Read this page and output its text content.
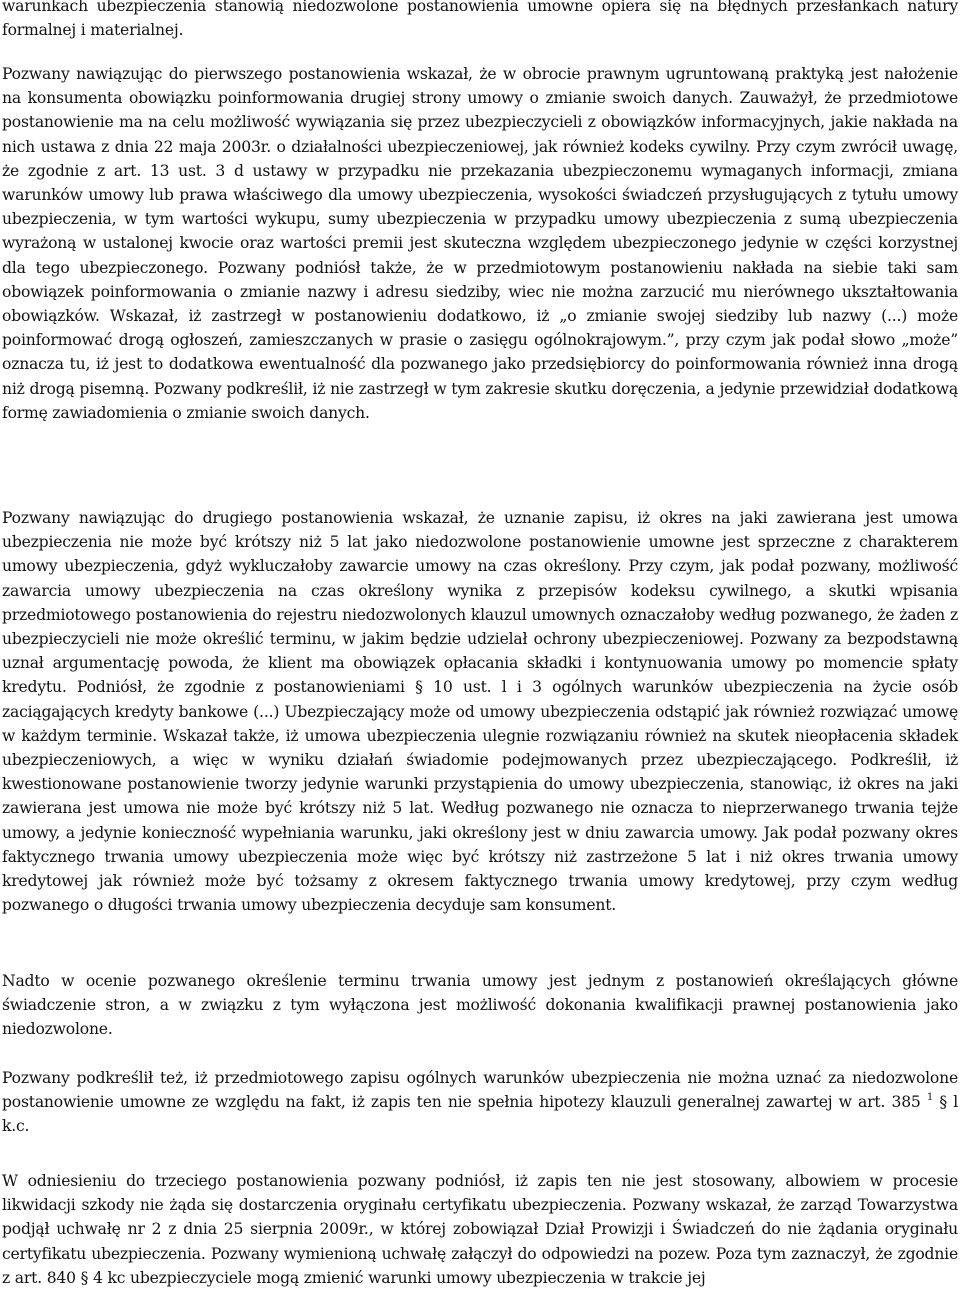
warunkach ubezpieczenia stanowią niedozwolone postanowienia umowne opiera się na błędnych przesłankach natury formalnej i materialnej.

Pozwany nawiązując do pierwszego postanowienia wskazał, że w obrocie prawnym ugruntowaną praktyką jest nałożenie na konsumenta obowiązku poinformowania drugiej strony umowy o zmianie swoich danych. Zauważył, że przedmiotowe postanowienie ma na celu możliwość wywiązania się przez ubezpieczycieli z obowiązków informacyjnych, jakie nakłada na nich ustawa z dnia 22 maja 2003r. o działalności ubezpieczeniowej, jak również kodeks cywilny. Przy czym zwrócił uwagę, że zgodnie z art. 13 ust. 3 d ustawy w przypadku nie przekazania ubezpieczonemu wymaganych informacji, zmiana warunków umowy lub prawa właściwego dla umowy ubezpieczenia, wysokości świadczeń przysługujących z tytułu umowy ubezpieczenia, w tym wartości wykupu, sumy ubezpieczenia w przypadku umowy ubezpieczenia z sumą ubezpieczenia wyrażoną w ustalonej kwocie oraz wartości premii jest skuteczna względem ubezpieczonego jedynie w części korzystnej dla tego ubezpieczonego. Pozwany podniósł także, że w przedmiotowym postanowieniu nakłada na siebie taki sam obowiązek poinformowania o zmianie nazwy i adresu siedziby, wiec nie można zarzucić mu nierównego ukształtowania obowiązków. Wskazał, iż zastrzegł w postanowieniu dodatkowo, iż „o zmianie swojej siedziby lub nazwy (...) może poinformować drogą ogłoszeń, zamieszczanych w prasie o zasięgu ogólnokrajowym.”, przy czym jak podał słowo „może” oznacza tu, iż jest to dodatkowa ewentualność dla pozwanego jako przedsiębiorcy do poinformowania również inna drogą niż drogą pisemną. Pozwany podkreślił, iż nie zastrzegł w tym zakresie skutku doręczenia, a jedynie przewidział dodatkową formę zawiadomienia o zmianie swoich danych.

Pozwany nawiązując do drugiego postanowienia wskazał, że uznanie zapisu, iż okres na jaki zawierana jest umowa ubezpieczenia nie może być krótszy niż 5 lat jako niedozwolone postanowienie umowne jest sprzeczne z charakterem umowy ubezpieczenia, gdyż wykluczałoby zawarcie umowy na czas określony. Przy czym, jak podał pozwany, możliwość zawarcia umowy ubezpieczenia na czas określony wynika z przepisów kodeksu cywilnego, a skutki wpisania przedmiotowego postanowienia do rejestru niedozwolonych klauzul umownych oznaczałoby według pozwanego, że żaden z ubezpieczycieli nie może określić terminu, w jakim będzie udzielał ochrony ubezpieczeniowej. Pozwany za bezpodstawną uznał argumentację powoda, że klient ma obowiązek opłacania składki i kontynuowania umowy po momencie spłaty kredytu. Podniósł, że zgodnie z postanowieniami § 10 ust. l i 3 ogólnych warunków ubezpieczenia na życie osób zaciągających kredyty bankowe (...) Ubezpieczający może od umowy ubezpieczenia odstąpić jak również rozwiązać umowę w każdym terminie. Wskazał także, iż umowa ubezpieczenia ulegnie rozwiązaniu również na skutek nieopłacenia składek ubezpieczeniowych, a więc w wyniku działań świadomie podejmowanych przez ubezpieczającego. Podkreślił, iż kwestionowane postanowienie tworzy jedynie warunki przystąpienia do umowy ubezpieczenia, stanowiąc, iż okres na jaki zawierana jest umowa nie może być krótszy niż 5 lat. Według pozwanego nie oznacza to nieprzerwanego trwania tejże umowy, a jedynie konieczność wypełniania warunku, jaki określony jest w dniu zawarcia umowy. Jak podał pozwany okres faktycznego trwania umowy ubezpieczenia może więc być krótszy niż zastrzeżone 5 lat i niż okres trwania umowy kredytowej jak również może być tożsamy z okresem faktycznego trwania umowy kredytowej, przy czym według pozwanego o długości trwania umowy ubezpieczenia decyduje sam konsument.

Nadto w ocenie pozwanego określenie terminu trwania umowy jest jednym z postanowień określających główne świadczenie stron, a w związku z tym wyłączona jest możliwość dokonania kwalifikacji prawnej postanowienia jako niedozwolone.

Pozwany podkreślił też, iż przedmiotowego zapisu ogólnych warunków ubezpieczenia nie można uznać za niedozwolone postanowienie umowne ze względu na fakt, iż zapis ten nie spełnia hipotezy klauzuli generalnej zawartej w art. 385 $^1$ § l k.c.

W odniesieniu do trzeciego postanowienia pozwany podniósł, iż zapis ten nie jest stosowany, albowiem w procesie likwidacji szkody nie żąda się dostarczenia oryginału certyfikatu ubezpieczenia. Pozwany wskazał, że zarząd Towarzystwa podjął uchwałę nr 2 z dnia 25 sierpnia 2009r., w której zobowiązał Dział Prowizji i Świadczeń do nie żądania oryginału certyfikatu ubezpieczenia. Pozwany wymienioną uchwałę załączył do odpowiedzi na pozew. Poza tym zaznaczył, że zgodnie z art. 840 § 4 kc ubezpieczyciele mogą zmienić warunki umowy ubezpieczenia w trakcie jej
